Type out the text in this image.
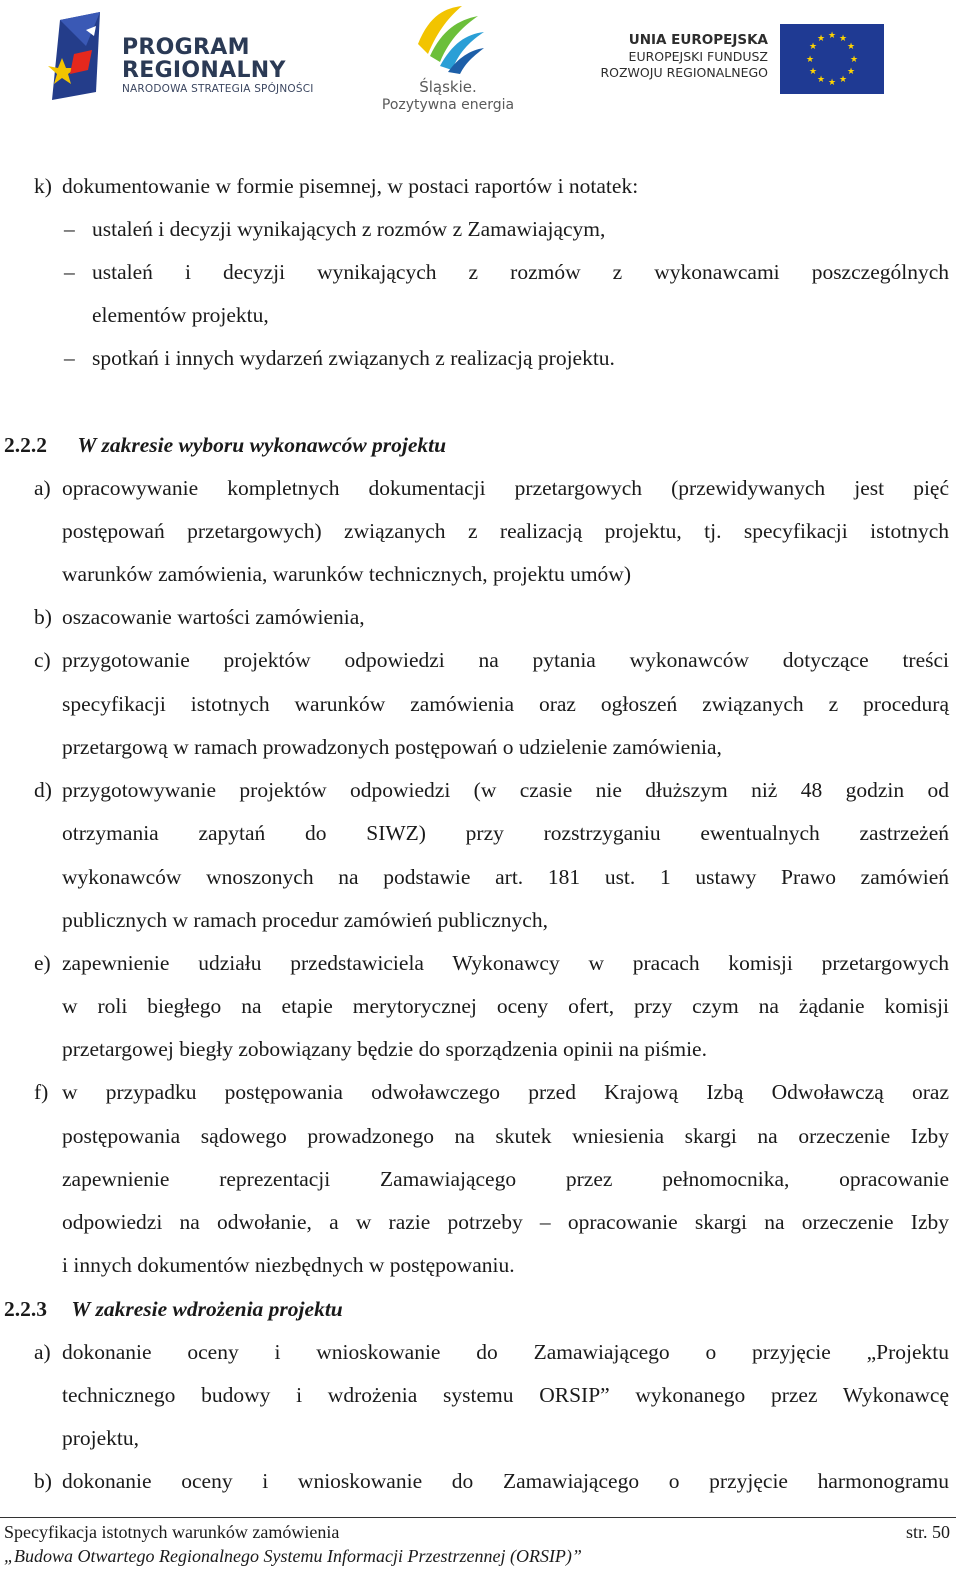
PROGRAM
REGIONALNY
NARODOWA STRATEGIA SPÓJNOŚCI	Śląskie.
Pozytywna energia
UNIA EUROPEJSKA
EUROPEJSKI FUNDUSZ
ROZWOJU REGIONALNEGO
★ ★
★
★
★
★
★
★
★
★
★
★
k) dokumentowanie w formie pisemnej, w postaci raportów i notatek:
– ustaleń i decyzji wynikających z rozmów z Zamawiającym,
– ustaleń i decyzji wynikających z rozmów z wykonawcami poszczególnych
elementów projektu,
– spotkań i innych wydarzeń związanych z realizacją projektu.
2.2.2 W zakresie wyboru wykonawców projektu
a) opracowywanie kompletnych dokumentacji przetargowych (przewidywanych jest pięć
postępowań przetargowych) związanych z realizacją projektu, tj. specyfikacji istotnych
warunków zamówienia, warunków technicznych, projektu umów)
b) oszacowanie wartości zamówienia,
c) przygotowanie projektów odpowiedzi na pytania wykonawców dotyczące treści
specyfikacji istotnych warunków zamówienia oraz ogłoszeń związanych z procedurą
przetargową w ramach prowadzonych postępowań o udzielenie zamówienia,
d) przygotowywanie projektów odpowiedzi (w czasie nie dłuższym niż 48 godzin od
otrzymania zapytań do SIWZ) przy rozstrzyganiu ewentualnych zastrzeżeń
wykonawców wnoszonych na podstawie art. 181 ust. 1 ustawy Prawo zamówień
publicznych w ramach procedur zamówień publicznych,
e) zapewnienie udziału przedstawiciela Wykonawcy w pracach komisji przetargowych
w roli biegłego na etapie merytorycznej oceny ofert, przy czym na żądanie komisji
przetargowej biegły zobowiązany będzie do sporządzenia opinii na piśmie.
f) w przypadku postępowania odwoławczego przed Krajową Izbą Odwoławczą oraz
postępowania sądowego prowadzonego na skutek wniesienia skargi na orzeczenie Izby
zapewnienie reprezentacji Zamawiającego przez pełnomocnika, opracowanie
odpowiedzi na odwołanie, a w razie potrzeby – opracowanie skargi na orzeczenie Izby
i innych dokumentów niezbędnych w postępowaniu.
2.2.3 W zakresie wdrożenia projektu
a) dokonanie oceny i wnioskowanie do Zamawiającego o przyjęcie „Projektu
technicznego budowy i wdrożenia systemu ORSIP” wykonanego przez Wykonawcę
projektu,
b) dokonanie oceny i wnioskowanie do Zamawiającego o przyjęcie harmonogramu
Specyfikacja istotnych warunków zamówienia	str. 50
„Budowa Otwartego Regionalnego Systemu Informacji Przestrzennej (ORSIP)”
